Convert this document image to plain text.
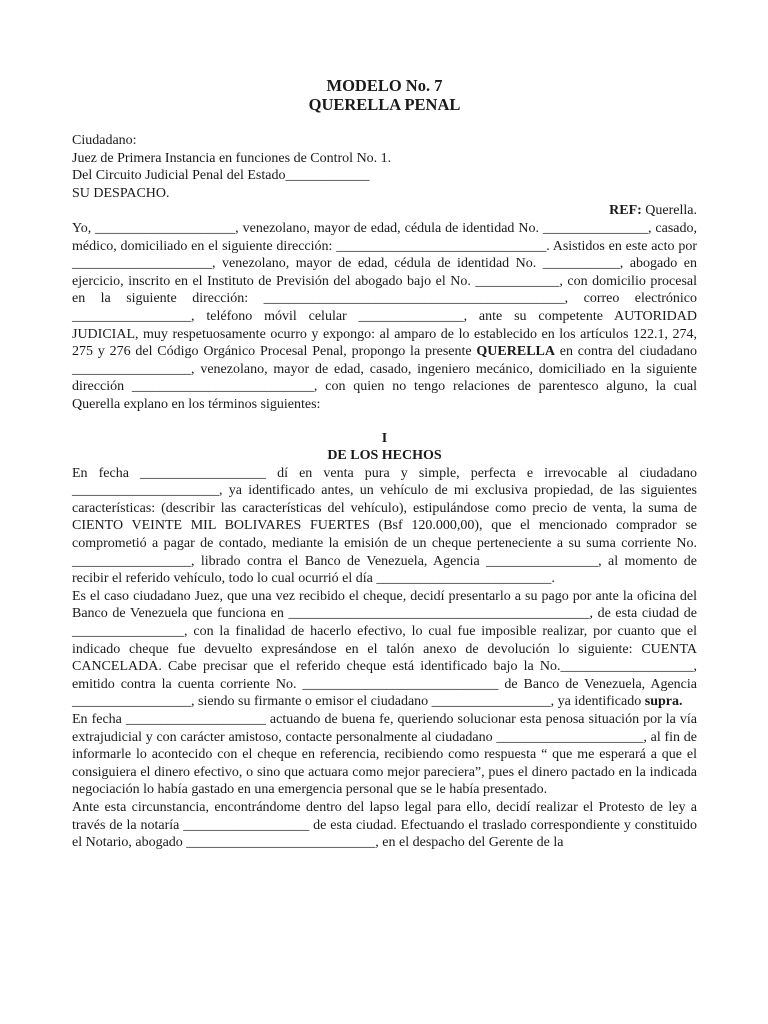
MODELO No. 7
QUERELLA PENAL
Ciudadano:
Juez de Primera Instancia en funciones de Control No. 1.
Del Circuito Judicial Penal del Estado____________
SU DESPACHO.
REF: Querella.

Yo, ____________________, venezolano, mayor de edad, cédula de identidad No. _______________, casado, médico, domiciliado en el siguiente dirección: ______________________________. Asistidos en este acto por ____________________, venezolano, mayor de edad, cédula de identidad No. ___________, abogado en ejercicio, inscrito en el Instituto de Previsión del abogado bajo el No. ____________, con domicilio procesal en la siguiente dirección: ___________________________________________, correo electrónico _________________, teléfono móvil celular _______________, ante su competente AUTORIDAD JUDICIAL, muy respetuosamente ocurro y expongo: al amparo de lo establecido en los artículos 122.1, 274, 275 y 276 del Código Orgánico Procesal Penal, propongo la presente QUERELLA en contra del ciudadano _________________, venezolano, mayor de edad, casado, ingeniero mecánico, domiciliado en la siguiente dirección __________________________, con quien no tengo relaciones de parentesco alguno, la cual Querella explano en los términos siguientes:

I
DE LOS HECHOS

En fecha __________________ dí en venta pura y simple, perfecta e irrevocable al ciudadano _____________________, ya identificado antes, un vehículo de mi exclusiva propiedad, de las siguientes características: (describir las características del vehículo), estipulándose como precio de venta, la suma de CIENTO VEINTE MIL BOLIVARES FUERTES (Bsf 120.000,00), que el mencionado comprador se comprometió a pagar de contado, mediante la emisión de un cheque perteneciente a su suma corriente No. _________________, librado contra el Banco de Venezuela, Agencia ________________, al momento de recibir el referido vehículo, todo lo cual ocurrió el día _________________________.

Es el caso ciudadano Juez, que una vez recibido el cheque, decidí presentarlo a su pago por ante la oficina del Banco de Venezuela que funciona en ___________________________________________, de esta ciudad de ________________, con la finalidad de hacerlo efectivo, lo cual fue imposible realizar, por cuanto que el indicado cheque fue devuelto expresándose en el talón anexo de devolución lo siguiente: CUENTA CANCELADA. Cabe precisar que el referido cheque está identificado bajo la No.___________________, emitido contra la cuenta corriente No. ____________________________ de Banco de Venezuela, Agencia _________________, siendo su firmante o emisor el ciudadano _________________, ya identificado supra.

En fecha ____________________ actuando de buena fe, queriendo solucionar esta penosa situación por la vía extrajudicial y con carácter amistoso, contacte personalmente al ciudadano _____________________, al fin de informarle lo acontecido con el cheque en referencia, recibiendo como respuesta “ que me esperará a que el consiguiera el dinero efectivo, o sino que actuara como mejor pareciera”, pues el dinero pactado en la indicada negociación lo había gastado en una emergencia personal que se le había presentado.

Ante esta circunstancia, encontrándome dentro del lapso legal para ello, decidí realizar el Protesto de ley a través de la notaría __________________ de esta ciudad. Efectuando el traslado correspondiente y constituido el Notario, abogado ___________________________, en el despacho del Gerente de la
